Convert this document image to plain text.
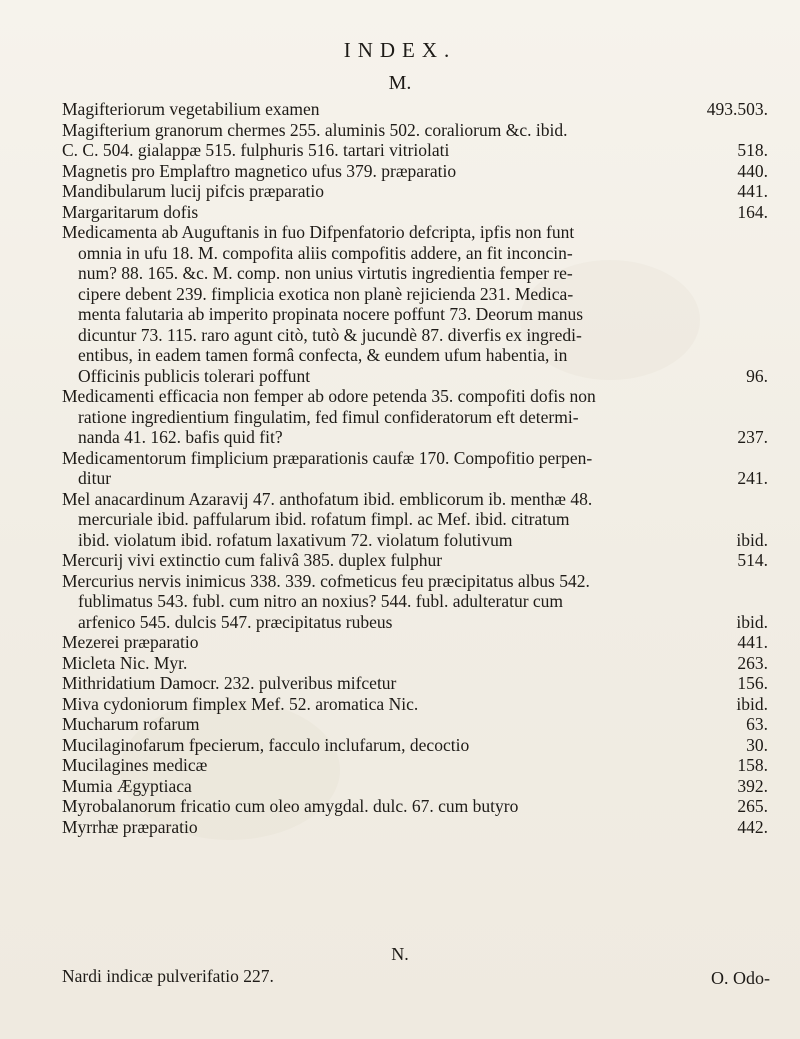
INDEX.
M.
Magifteriorum vegetabilium examen	493.503.
Magifterium granorum chermes 255. aluminis 502. coraliorum &c. ibid.
C. C. 504. gialappæ 515. fulphuris 516. tartari vitriolati	518.
Magnetis pro Emplaftro magnetico ufus 379. præparatio	440.
Mandibularum lucij pifcis præparatio	441.
Margaritarum dofis	164.
Medicamenta ab Auguftanis in fuo Difpenfatorio defcripta, ipfis non funt
omnia in ufu 18. M. compofita aliis compofitis addere, an fit inconcin-
num? 88. 165. &c. M. comp. non unius virtutis ingredientia femper re-
cipere debent 239. fimplicia exotica non planè rejicienda 231. Medica-
menta falutaria ab imperito propinata nocere poffunt 73. Deorum manus
dicuntur 73. 115. raro agunt citò, tutò & jucundè 87. diverfis ex ingredi-
entibus, in eadem tamen formâ confecta, & eundem ufum habentia, in
Officinis publicis tolerari poffunt	96.
Medicamenti efficacia non femper ab odore petenda 35. compofiti dofis non
ratione ingredientium fingulatim, fed fimul confideratorum eft determi-
nanda 41. 162. bafis quid fit?	237.
Medicamentorum fimplicium præparationis caufæ 170. Compofitio perpen-
ditur	241.
Mel anacardinum Azaravij 47. anthofatum ibid. emblicorum ib. menthæ 48.
mercuriale ibid. paffularum ibid. rofatum fimpl. ac Mef. ibid. citratum
ibid. violatum ibid. rofatum laxativum 72. violatum folutivum	ibid.
Mercurij vivi extinctio cum falivâ 385. duplex fulphur	514.
Mercurius nervis inimicus 338. 339. cofmeticus feu præcipitatus albus 542.
fublimatus 543. fubl. cum nitro an noxius? 544. fubl. adulteratur cum
arfenico 545. dulcis 547. præcipitatus rubeus	ibid.
Mezerei præparatio	441.
Micleta Nic. Myr.	263.
Mithridatium Damocr. 232. pulveribus mifcetur	156.
Miva cydoniorum fimplex Mef. 52. aromatica Nic.	ibid.
Mucharum rofarum	63.
Mucilaginofarum fpecierum, facculo inclufarum, decoctio	30.
Mucilagines medicæ	158.
Mumia Ægyptiaca	392.
Myrobalanorum fricatio cum oleo amygdal. dulc. 67. cum butyro	265.
Myrrhæ præparatio	442.
N.
Nardi indicæ pulverifatio 227.	O. Odo-
